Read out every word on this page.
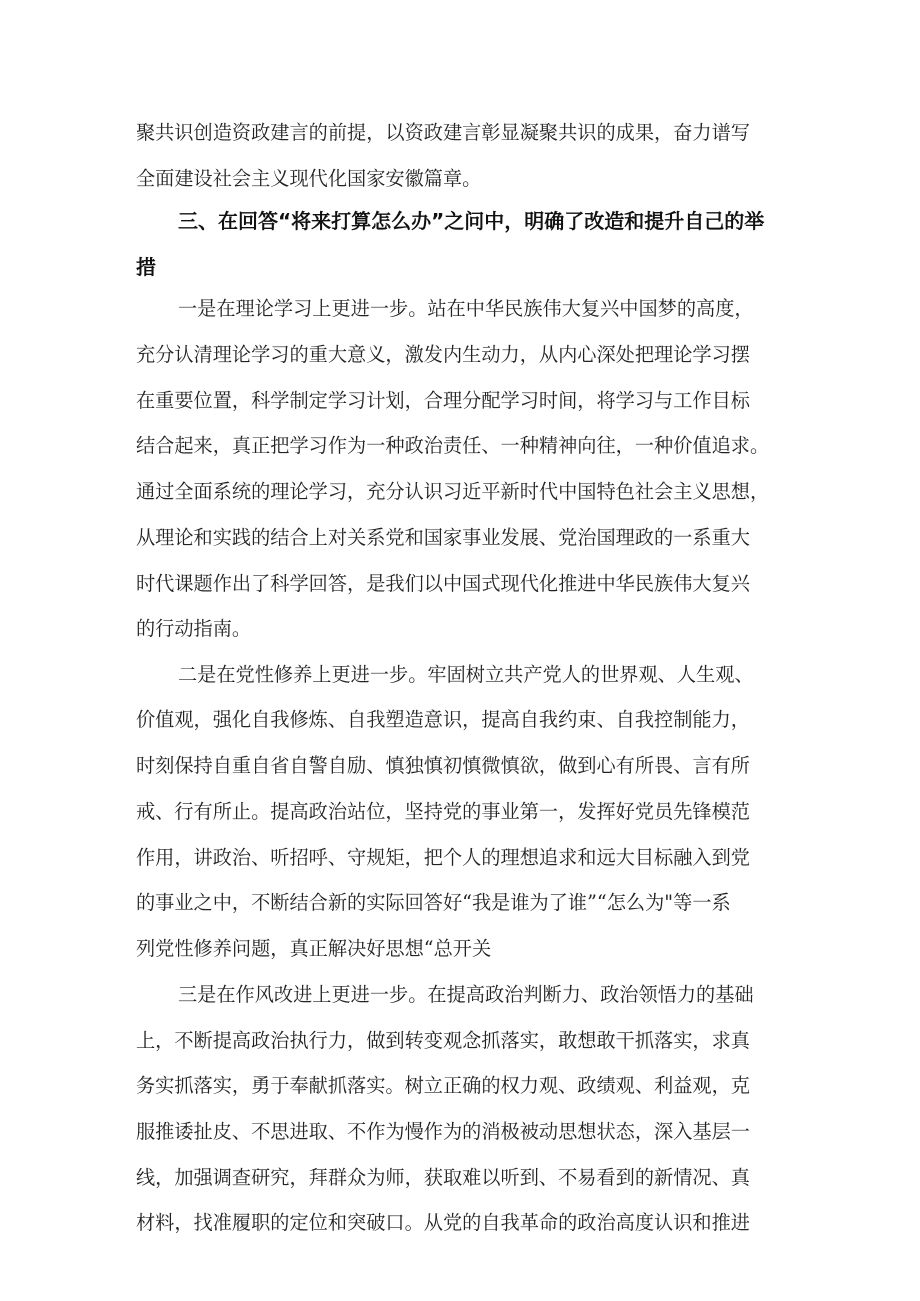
聚共识创造资政建言的前提，以资政建言彰显凝聚共识的成果，奋力谱写
全面建设社会主义现代化国家安徽篇章。
三、在回答“将来打算怎么办”之问中，明确了改造和提升自己的举
措
一是在理论学习上更进一步。站在中华民族伟大复兴中国梦的高度，
充分认清理论学习的重大意义，激发内生动力，从内心深处把理论学习摆
在重要位置，科学制定学习计划，合理分配学习时间，将学习与工作目标
结合起来，真正把学习作为一种政治责任、一种精神向往，一种价值追求。
通过全面系统的理论学习，充分认识习近平新时代中国特色社会主义思想，
从理论和实践的结合上对关系党和国家事业发展、党治国理政的一系重大
时代课题作出了科学回答，是我们以中国式现代化推进中华民族伟大复兴
的行动指南。
二是在党性修养上更进一步。牢固树立共产党人的世界观、人生观、
价值观，强化自我修炼、自我塑造意识，提高自我约束、自我控制能力，
时刻保持自重自省自警自励、慎独慎初慎微慎欲，做到心有所畏、言有所
戒、行有所止。提高政治站位，坚持党的事业第一，发挥好党员先锋模范
作用，讲政治、听招呼、守规矩，把个人的理想追求和远大目标融入到党
的事业之中，不断结合新的实际回答好“我是谁为了谁”“怎么为"等一系
列党性修养问题，真正解决好思想“总开关
三是在作风改进上更进一步。在提高政治判断力、政治领悟力的基础
上，不断提高政治执行力，做到转变观念抓落实，敢想敢干抓落实，求真
务实抓落实，勇于奉献抓落实。树立正确的权力观、政绩观、利益观，克
服推诿扯皮、不思进取、不作为慢作为的消极被动思想状态，深入基层一
线，加强调查研究，拜群众为师，获取难以听到、不易看到的新情况、真
材料，找准履职的定位和突破口。从党的自我革命的政治高度认识和推进
